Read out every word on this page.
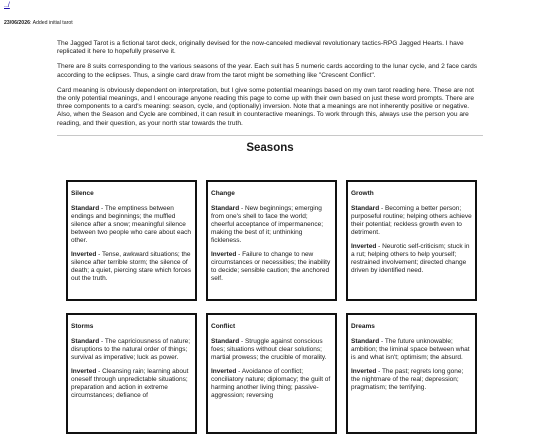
../
23/06/2026: Added initial tarot

The Jagged Tarot is a fictional tarot deck, originally devised for the now-canceled medieval revolutionary tactics-RPG Jagged Hearts. I have replicated it here to hopefully preserve it.

There are 8 suits corresponding to the various seasons of the year. Each suit has 5 numeric cards according to the lunar cycle, and 2 face cards according to the eclipses. Thus, a single card draw from the tarot might be something like "Crescent Conflict".

Card meaning is obviously dependent on interpretation, but I give some potential meanings based on my own tarot reading here. These are not the only potential meanings, and I encourage anyone reading this page to come up with their own based on just these word prompts. There are three components to a card's meaning: season, cycle, and (optionally) inversion. Note that a meanings are not inherently positive or negative. Also, when the Season and Cycle are combined, it can result in counteractive meanings. To work through this, always use the person you are reading, and their question, as your north star towards the truth.

Seasons
Silence
Standard - The emptiness between endings and beginnings; the muffled silence after a snow; meaningful silence between two people who care about each other.
Inverted - Tense, awkward situations; the silence after terrible storm; the silence of death; a quiet, piercing stare which forces out the truth.
Change
Standard - New beginnings; emerging from one's shell to face the world; cheerful acceptance of impermanence; making the best of it; unthinking fickleness.
Inverted - Failure to change to new circumstances or necessities; the inability to decide; sensible caution; the anchored self.
Growth
Standard - Becoming a better person; purposeful routine; helping others achieve their potential; reckless growth even to detriment.
Inverted - Neurotic self-criticism; stuck in a rut; helping others to help yourself; restrained involvement; directed change driven by identified need.
Storms
Standard - The capriciousness of nature; disruptions to the natural order of things; survival as imperative; luck as power.
Inverted - Cleansing rain; learning about oneself through unpredictable situations; preparation and action in extreme circumstances; defiance of
Conflict
Standard - Struggle against conscious foes; situations without clear solutions; martial prowess; the crucible of morality.
Inverted - Avoidance of conflict; conciliatory nature; diplomacy; the guilt of harming another living thing; passive-aggression; reversing
Dreams
Standard - The future unknowable; ambition; the liminal space between what is and what isn't; optimism; the absurd.
Inverted - The past; regrets long gone; the nightmare of the real; depression; pragmatism; the terrifying.
